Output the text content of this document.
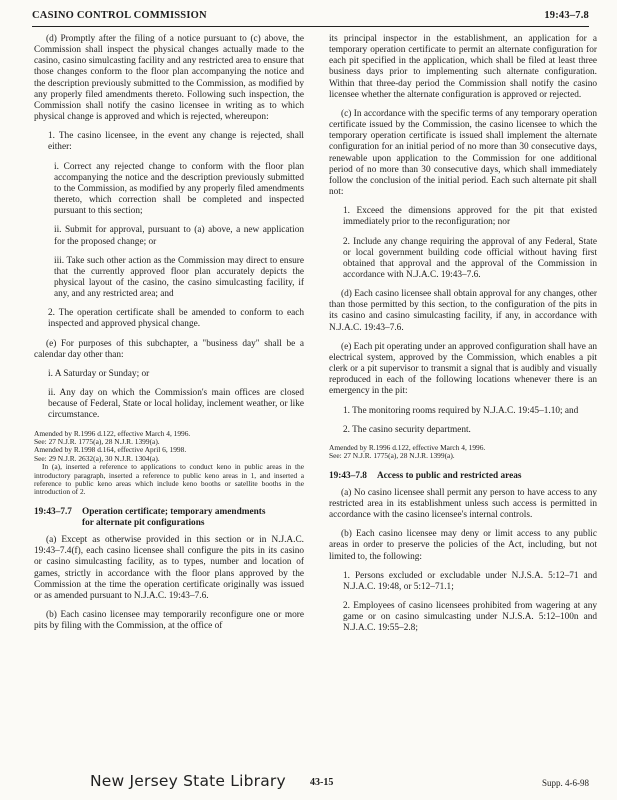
CASINO CONTROL COMMISSION	19:43–7.8

(d) Promptly after the filing of a notice pursuant to (c) above, the Commission shall inspect the physical changes actually made to the casino, casino simulcasting facility and any restricted area to ensure that those changes conform to the floor plan accompanying the notice and the description previously submitted to the Commission, as modified by any properly filed amendments thereto. Following such inspection, the Commission shall notify the casino licensee in writing as to which physical change is approved and which is rejected, whereupon:

1. The casino licensee, in the event any change is rejected, shall either:

i. Correct any rejected change to conform with the floor plan accompanying the notice and the description previously submitted to the Commission, as modified by any properly filed amendments thereto, which correction shall be completed and inspected pursuant to this section;

ii. Submit for approval, pursuant to (a) above, a new application for the proposed change; or

iii. Take such other action as the Commission may direct to ensure that the currently approved floor plan accurately depicts the physical layout of the casino, the casino simulcasting facility, if any, and any restricted area; and

2. The operation certificate shall be amended to conform to each inspected and approved physical change.

(e) For purposes of this subchapter, a "business day" shall be a calendar day other than:

i. A Saturday or Sunday; or

ii. Any day on which the Commission's main offices are closed because of Federal, State or local holiday, inclement weather, or like circumstance.

Amended by R.1996 d.122, effective March 4, 1996.
See: 27 N.J.R. 1775(a), 28 N.J.R. 1399(a).
Amended by R.1998 d.164, effective April 6, 1998.
See: 29 N.J.R. 2632(a), 30 N.J.R. 1304(a).
In (a), inserted a reference to applications to conduct keno in public areas in the introductory paragraph, inserted a reference to public keno areas in 1, and inserted a reference to public keno areas which include keno booths or satellite booths in the introduction of 2.
19:43–7.7 Operation certificate; temporary amendments
for alternate pit configurations

(a) Except as otherwise provided in this section or in N.J.A.C. 19:43–7.4(f), each casino licensee shall configure the pits in its casino or casino simulcasting facility, as to types, number and location of games, strictly in accordance with the floor plans approved by the Commission at the time the operation certificate originally was issued or as amended pursuant to N.J.A.C. 19:43–7.6.

(b) Each casino licensee may temporarily reconfigure one or more pits by filing with the Commission, at the office of

its principal inspector in the establishment, an application for a temporary operation certificate to permit an alternate configuration for each pit specified in the application, which shall be filed at least three business days prior to implementing such alternate configuration. Within that three-day period the Commission shall notify the casino licensee whether the alternate configuration is approved or rejected.

(c) In accordance with the specific terms of any temporary operation certificate issued by the Commission, the casino licensee to which the temporary operation certificate is issued shall implement the alternate configuration for an initial period of no more than 30 consecutive days, renewable upon application to the Commission for one additional period of no more than 30 consecutive days, which shall immediately follow the conclusion of the initial period. Each such alternate pit shall not:

1. Exceed the dimensions approved for the pit that existed immediately prior to the reconfiguration; nor

2. Include any change requiring the approval of any Federal, State or local government building code official without having first obtained that approval and the approval of the Commission in accordance with N.J.A.C. 19:43–7.6.

(d) Each casino licensee shall obtain approval for any changes, other than those permitted by this section, to the configuration of the pits in its casino and casino simulcasting facility, if any, in accordance with N.J.A.C. 19:43–7.6.

(e) Each pit operating under an approved configuration shall have an electrical system, approved by the Commission, which enables a pit clerk or a pit supervisor to transmit a signal that is audibly and visually reproduced in each of the following locations whenever there is an emergency in the pit:

1. The monitoring rooms required by N.J.A.C. 19:45–1.10; and

2. The casino security department.

Amended by R.1996 d.122, effective March 4, 1996.
See: 27 N.J.R. 1775(a), 28 N.J.R. 1399(a).
19:43–7.8 Access to public and restricted areas

(a) No casino licensee shall permit any person to have access to any restricted area in its establishment unless such access is permitted in accordance with the casino licensee's internal controls.

(b) Each casino licensee may deny or limit access to any public areas in order to preserve the policies of the Act, including, but not limited to, the following:

1. Persons excluded or excludable under N.J.S.A. 5:12–71 and N.J.A.C. 19:48, or 5:12–71.1;

2. Employees of casino licensees prohibited from wagering at any game or on casino simulcasting under N.J.S.A. 5:12–100n and N.J.A.C. 19:55–2.8;

New Jersey State Library 43-15	Supp. 4-6-98
